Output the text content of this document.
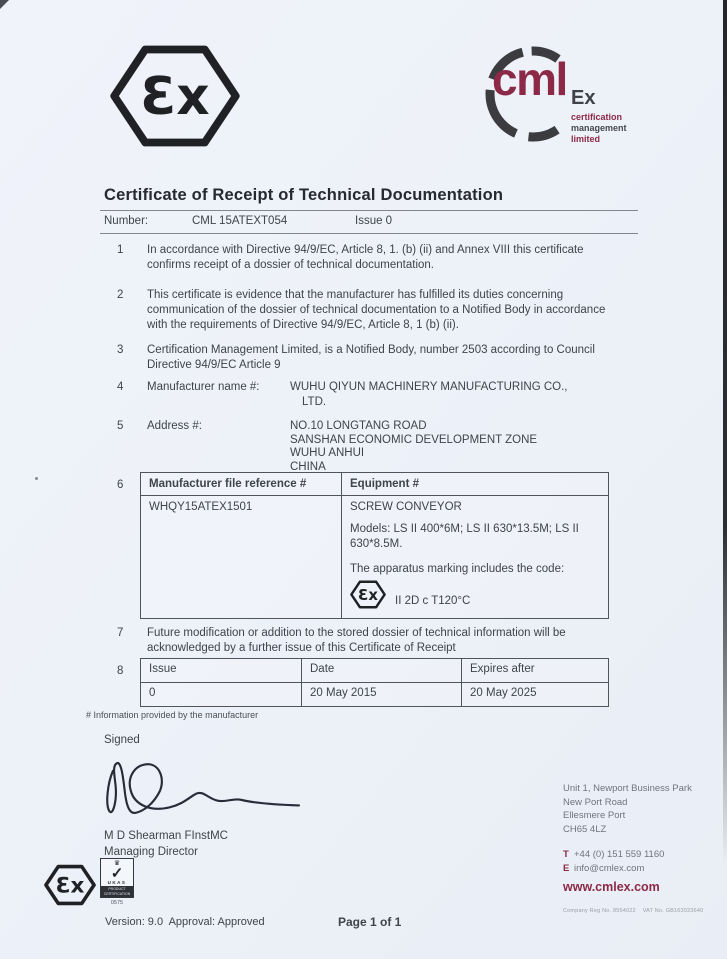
Ɛx	cml Ex
certification
management
limited
Certificate of Receipt of Technical Documentation
Number:	CML 15ATEXT054	Issue 0
1 In accordance with Directive 94/9/EC, Article 8, 1. (b) (ii) and Annex VIII this certificate confirms receipt of a dossier of technical documentation.
2 This certificate is evidence that the manufacturer has fulfilled its duties concerning communication of the dossier of technical documentation to a Notified Body in accordance with the requirements of Directive 94/9/EC, Article 8, 1 (b) (ii).
3 Certification Management Limited, is a Notified Body, number 2503 according to Council Directive 94/9/EC Article 9
4 Manufacturer name #:	WUHU QIYUN MACHINERY MANUFACTURING CO.,
LTD.
5 Address #:	NO.10 LONGTANG ROAD
SANSHAN ECONOMIC DEVELOPMENT ZONE
WUHU ANHUI
CHINA
6	Manufacturer file reference #	Equipment #
WHQY15ATEX1501	SCREW CONVEYOR
Models: LS II 400*6M; LS II 630*13.5M; LS II 630*8.5M.
The apparatus marking includes the code:
Ɛx II 2D c T120°C
7 Future modification or addition to the stored dossier of technical information will be acknowledged by a further issue of this Certificate of Receipt
8	Issue	Date	Expires after
0	20 May 2015	20 May 2025
# Information provided by the manufacturer
Signed
M D Shearman FInstMC
Managing Director
Ɛx
♛
✓
UKAS
PRODUCT CERTIFICATION
0575
Version: 9.0  Approval: Approved	Page 1 of 1
Unit 1, Newport Business Park
New Port Road
Ellesmere Port
CH65 4LZ
T +44 (0) 151 559 1160
E info@cmlex.com
www.cmlex.com
Company Reg No. 8554022    VAT No. GB163023640
